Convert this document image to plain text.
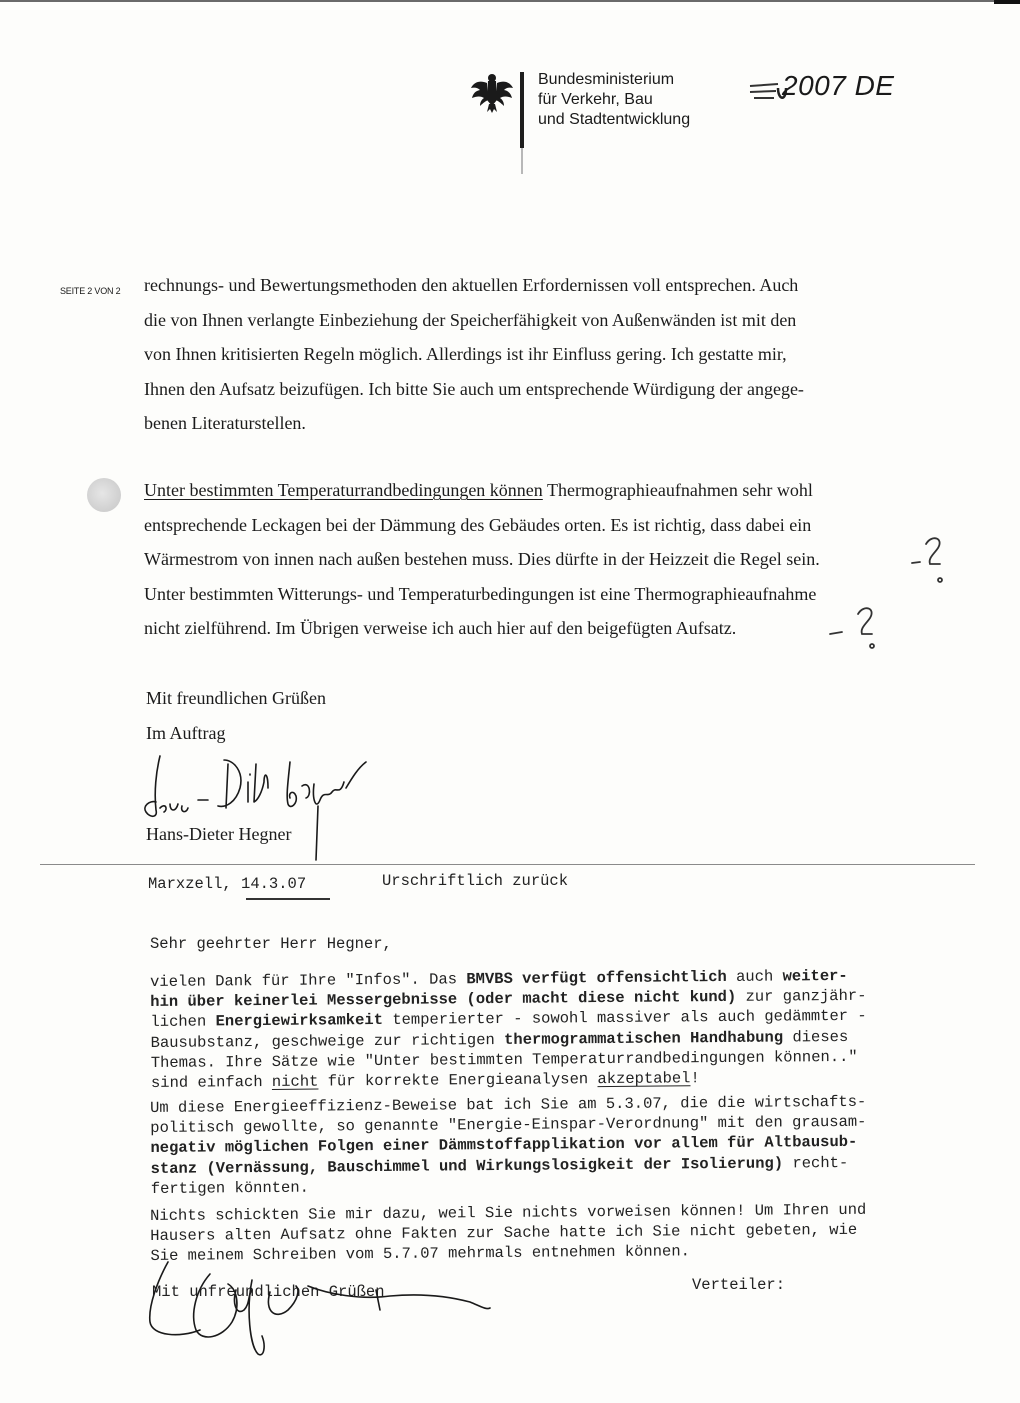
Bundesministerium
für Verkehr, Bau
und Stadtentwicklung
2007 DE
SEITE 2 VON 2 rechnungs- und Bewertungsmethoden den aktuellen Erfordernissen voll entsprechen. Auch
die von Ihnen verlangte Einbeziehung der Speicherfähigkeit von Außenwänden ist mit den
von Ihnen kritisierten Regeln möglich. Allerdings ist ihr Einfluss gering. Ich gestatte mir,
Ihnen den Aufsatz beizufügen. Ich bitte Sie auch um entsprechende Würdigung der angege-
benen Literaturstellen.
Unter bestimmten Temperaturrandbedingungen können Thermographieaufnahmen sehr wohl
entsprechende Leckagen bei der Dämmung des Gebäudes orten. Es ist richtig, dass dabei ein
Wärmestrom von innen nach außen bestehen muss. Dies dürfte in der Heizzeit die Regel sein.
Unter bestimmten Witterungs- und Temperaturbedingungen ist eine Thermographieaufnahme
nicht zielführend. Im Übrigen verweise ich auch hier auf den beigefügten Aufsatz.
Mit freundlichen Grüßen
Im Auftrag
Hans-Dieter Hegner
Marxzell, 14.3.07	Urschriftlich zurück
Sehr geehrter Herr Hegner,
vielen Dank für Ihre "Infos". Das BMVBS verfügt offensichtlich auch weiter-
hin über keinerlei Messergebnisse (oder macht diese nicht kund) zur ganzjähr-
lichen Energiewirksamkeit temperierter - sowohl massiver als auch gedämmter -
Bausubstanz, geschweige zur richtigen thermogrammatischen Handhabung dieses
Themas. Ihre Sätze wie "Unter bestimmten Temperaturrandbedingungen können.."
sind einfach nicht für korrekte Energieanalysen akzeptabel!
Um diese Energieeffizienz-Beweise bat ich Sie am 5.3.07, die die wirtschafts-
politisch gewollte, so genannte "Energie-Einspar-Verordnung" mit den grausam-
negativ möglichen Folgen einer Dämmstoffapplikation vor allem für Altbausub-
stanz (Vernässung, Bauschimmel und Wirkungslosigkeit der Isolierung) recht-
fertigen könnten.
Nichts schickten Sie mir dazu, weil Sie nichts vorweisen können! Um Ihren und
Hausers alten Aufsatz ohne Fakten zur Sache hatte ich Sie nicht gebeten, wie
Sie meinem Schreiben vom 5.7.07 mehrmals entnehmen können.
Mit unfreundlichen Grüßen	Verteiler:
